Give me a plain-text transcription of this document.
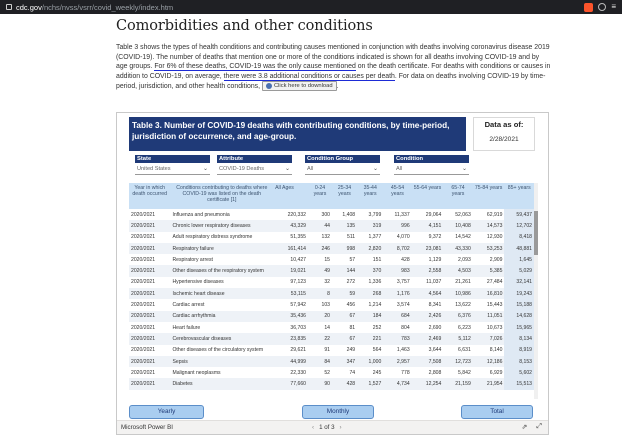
cdc.gov/nchs/nvss/vsrr/covid_weekly/index.htm	≡
Comorbidities and other conditions
Table 3 shows the types of health conditions and contributing causes mentioned in conjunction with deaths involving coronavirus disease 2019 (COVID-19). The number of deaths that mention one or more of the conditions indicated is shown for all deaths involving COVID-19 and by age groups. For 6% of these deaths, COVID-19 was the only cause mentioned on the death certificate. For deaths with conditions or causes in addition to COVID-19, on average, there were 3.8 additional conditions or causes per death. For data on deaths involving COVID-19 by time-period, jurisdiction, and other health conditions, Click here to download .
Table 3. Number of COVID-19 deaths with contributing conditions, by time-period, jurisdiction of occurrence, and age-group.
Data as of:
2/28/2021
State
United States	⌄
Attribute
COVID-19 Deaths	⌄
Condition Group
All	⌄
Condition
All	⌄
Year in which death occurred	Conditions contributing to deaths where COVID-19 was listed on the death certificate [1]	All Ages	0-24 years	25-34 years	35-44 years	45-54 years	55-64 years	65-74 years	75-84 years	85+ years
2020/2021	Influenza and pneumonia	220,332	300	1,408	3,799	11,337	29,064	52,063	62,919	59,437
2020/2021	Chronic lower respiratory diseases	43,329	44	135	319	996	4,151	10,408	14,573	12,702
2020/2021	Adult respiratory distress syndrome	51,355	132	511	1,377	4,070	9,372	14,542	12,930	8,418
2020/2021	Respiratory failure	161,414	246	998	2,820	8,702	23,081	43,330	53,253	48,881
2020/2021	Respiratory arrest	10,427	15	57	151	428	1,129	2,093	2,909	1,645
2020/2021	Other diseases of the respiratory system	19,021	49	144	370	983	2,558	4,503	5,385	5,029
2020/2021	Hypertensive diseases	97,123	32	272	1,336	3,757	11,037	21,261	27,484	32,141
2020/2021	Ischemic heart disease	53,115	8	59	268	1,176	4,564	10,986	16,810	19,243
2020/2021	Cardiac arrest	57,942	103	456	1,214	3,574	8,341	13,622	15,443	15,188
2020/2021	Cardiac arrhythmia	35,436	20	67	184	684	2,426	6,376	11,051	14,628
2020/2021	Heart failure	36,703	14	81	252	804	2,690	6,223	10,673	15,965
2020/2021	Cerebrovascular diseases	23,835	22	67	221	783	2,469	5,112	7,026	8,134
2020/2021	Other diseases of the circulatory system	29,621	91	249	564	1,463	3,644	6,631	8,140	8,919
2020/2021	Sepsis	44,999	84	347	1,000	2,957	7,508	12,723	12,186	8,153
2020/2021	Malignant neoplasms	22,330	52	74	245	778	2,808	5,842	6,929	5,602
2020/2021	Diabetes	77,660	90	428	1,527	4,734	12,254	21,159	21,954	15,513
Yearly	Monthly	Total
Microsoft Power BI	‹ 1 of 3 ›	⇗ ⤢
